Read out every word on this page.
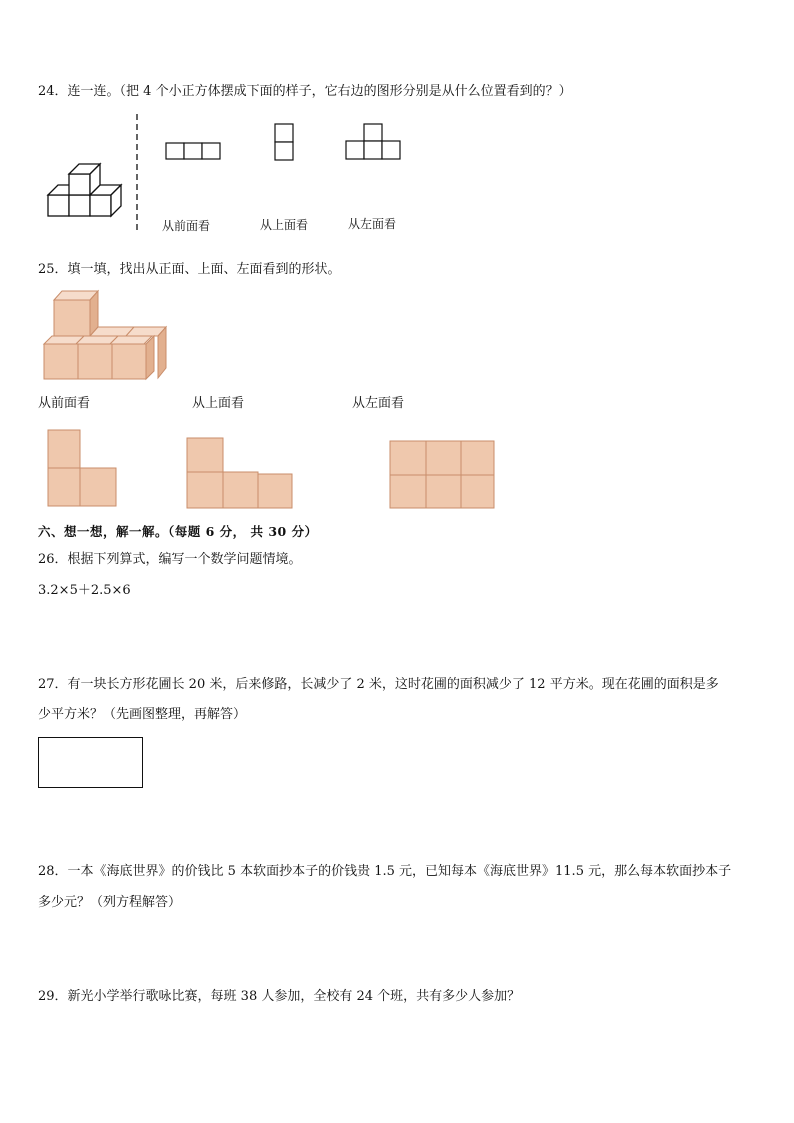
24．连一连。（把 4 个小正方体摆成下面的样子，它右边的图形分别是从什么位置看到的？）
从前面看	从上面看	从左面看
25．填一填，找出从正面、上面、左面看到的形状。
从前面看	从上面看	从左面看
六、想一想，解一解。（每题 6 分， 共 30 分）
26．根据下列算式，编写一个数学问题情境。
3.2×5＋2.5×6
27．有一块长方形花圃长 20 米，后来修路，长减少了 2 米，这时花圃的面积减少了 12 平方米。现在花圃的面积是多
少平方米？（先画图整理，再解答）
28．一本《海底世界》的价钱比 5 本软面抄本子的价钱贵 1.5 元，已知每本《海底世界》11.5 元，那么每本软面抄本子
多少元？（列方程解答）
29．新光小学举行歌咏比赛，每班 38 人参加，全校有 24 个班，共有多少人参加？
